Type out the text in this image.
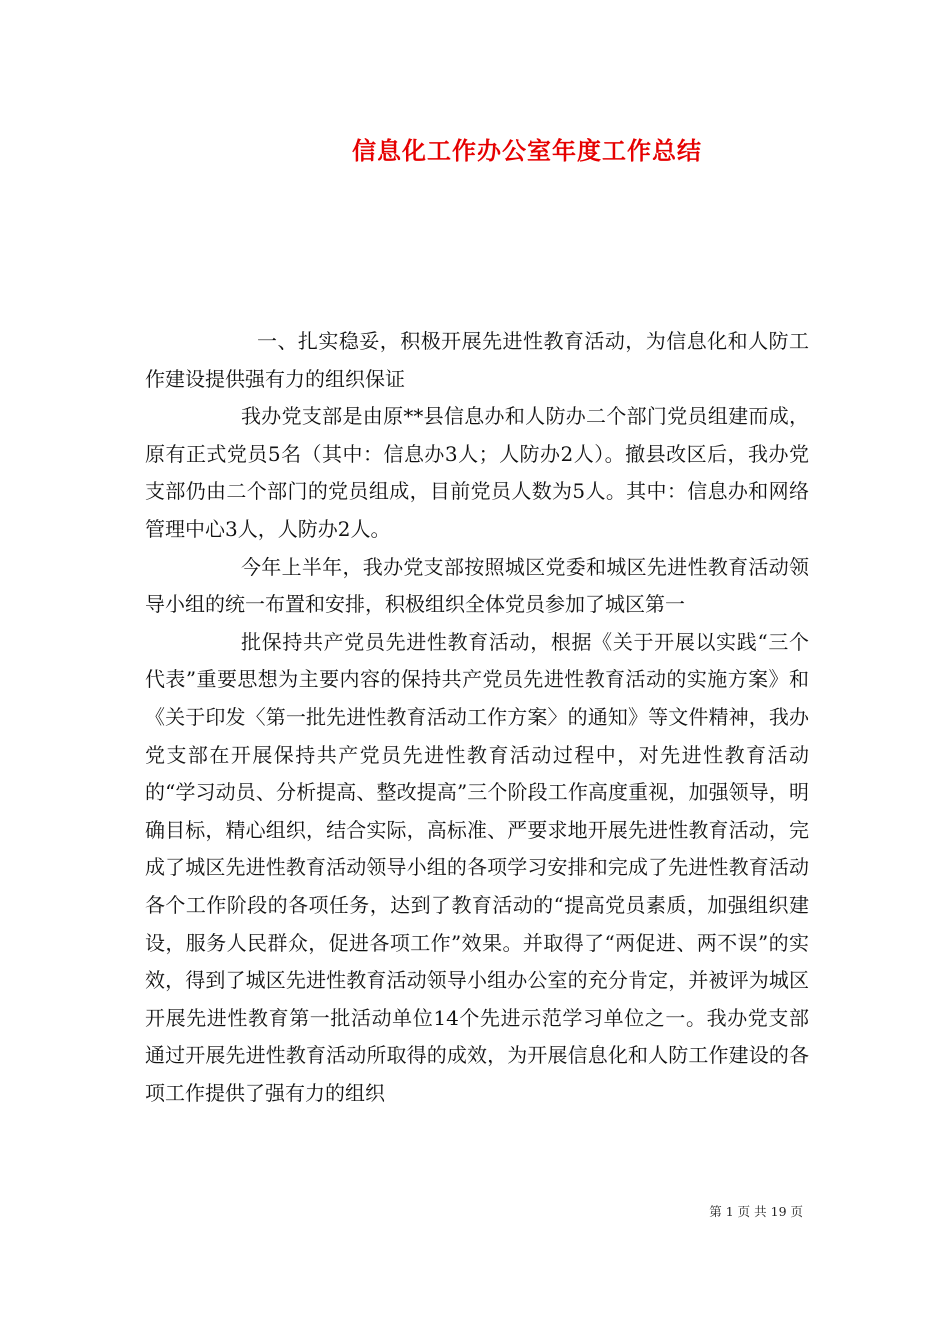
信息化工作办公室年度工作总结

一、扎实稳妥，积极开展先进性教育活动，为信息化和人防工作建设提供强有力的组织保证

我办党支部是由原**县信息办和人防办二个部门党员组建而成，原有正式党员5名（其中：信息办3人；人防办2人）。撤县改区后，我办党支部仍由二个部门的党员组成，目前党员人数为5人。其中：信息办和网络管理中心3人，人防办2人。

今年上半年，我办党支部按照城区党委和城区先进性教育活动领导小组的统一布置和安排，积极组织全体党员参加了城区第一

批保持共产党员先进性教育活动，根据《关于开展以实践“三个代表”重要思想为主要内容的保持共产党员先进性教育活动的实施方案》和《关于印发〈第一批先进性教育活动工作方案〉的通知》等文件精神，我办党支部在开展保持共产党员先进性教育活动过程中，对先进性教育活动的“学习动员、分析提高、整改提高”三个阶段工作高度重视，加强领导，明确目标，精心组织，结合实际，高标准、严要求地开展先进性教育活动，完成了城区先进性教育活动领导小组的各项学习安排和完成了先进性教育活动各个工作阶段的各项任务，达到了教育活动的“提高党员素质，加强组织建设，服务人民群众，促进各项工作”效果。并取得了“两促进、两不误”的实效，得到了城区先进性教育活动领导小组办公室的充分肯定，并被评为城区开展先进性教育第一批活动单位14个先进示范学习单位之一。我办党支部通过开展先进性教育活动所取得的成效，为开展信息化和人防工作建设的各项工作提供了强有力的组织

第 1 页 共 19 页
